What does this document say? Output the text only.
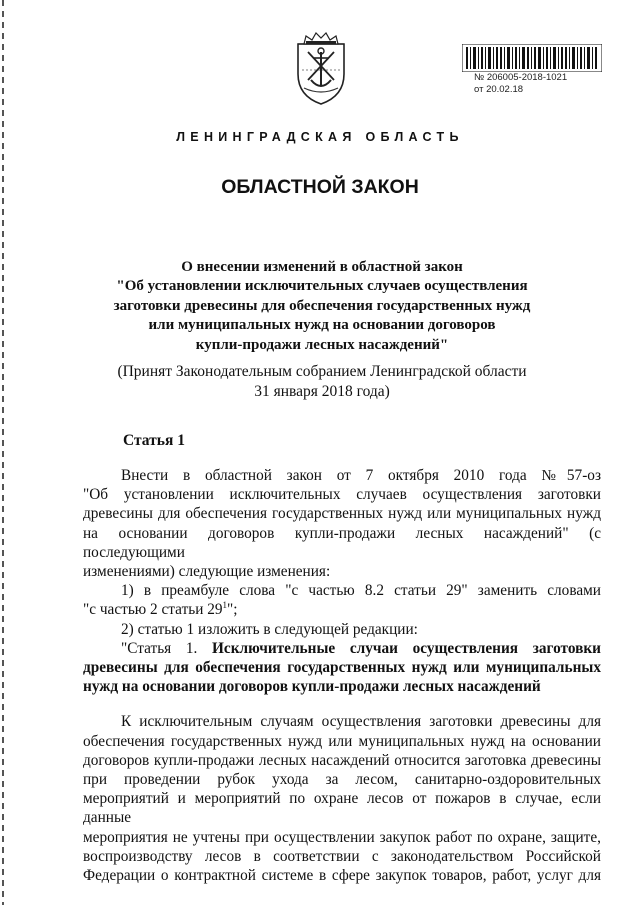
№ 206005-2018-1021
от 20.02.18
ЛЕНИНГРАДСКАЯ ОБЛАСТЬ
ОБЛАСТНОЙ ЗАКОН
О внесении изменений в областной закон
"Об установлении исключительных случаев осуществления
заготовки древесины для обеспечения государственных нужд
или муниципальных нужд на основании договоров
купли-продажи лесных насаждений"
(Принят Законодательным собранием Ленинградской области
31 января 2018 года)
Статья 1

Внести в областной закон от 7 октября 2010 года №57-оз

"Об установлении исключительных случаев осуществления заготовки

древесины для обеспечения государственных нужд или муниципальных нужд

на основании договоров купли-продажи лесных насаждений" (с последующими

изменениями) следующие изменения:

1) в преамбуле слова "с частью 8.2 статьи 29" заменить словами

"с частью 2 статьи $29^1$";

2) статью 1 изложить в следующей редакции:

"Статья 1. Исключительные случаи осуществления заготовки

древесины для обеспечения государственных нужд или муниципальных

нужд на основании договоров купли-продажи лесных насаждений

К исключительным случаям осуществления заготовки древесины для

обеспечения государственных нужд или муниципальных нужд на основании

договоров купли-продажи лесных насаждений относится заготовка древесины

при проведении рубок ухода за лесом, санитарно-оздоровительных

мероприятий и мероприятий по охране лесов от пожаров в случае, если данные

мероприятия не учтены при осуществлении закупок работ по охране, защите,

воспроизводству лесов в соответствии с законодательством Российской

Федерации о контрактной системе в сфере закупок товаров, работ, услуг для
